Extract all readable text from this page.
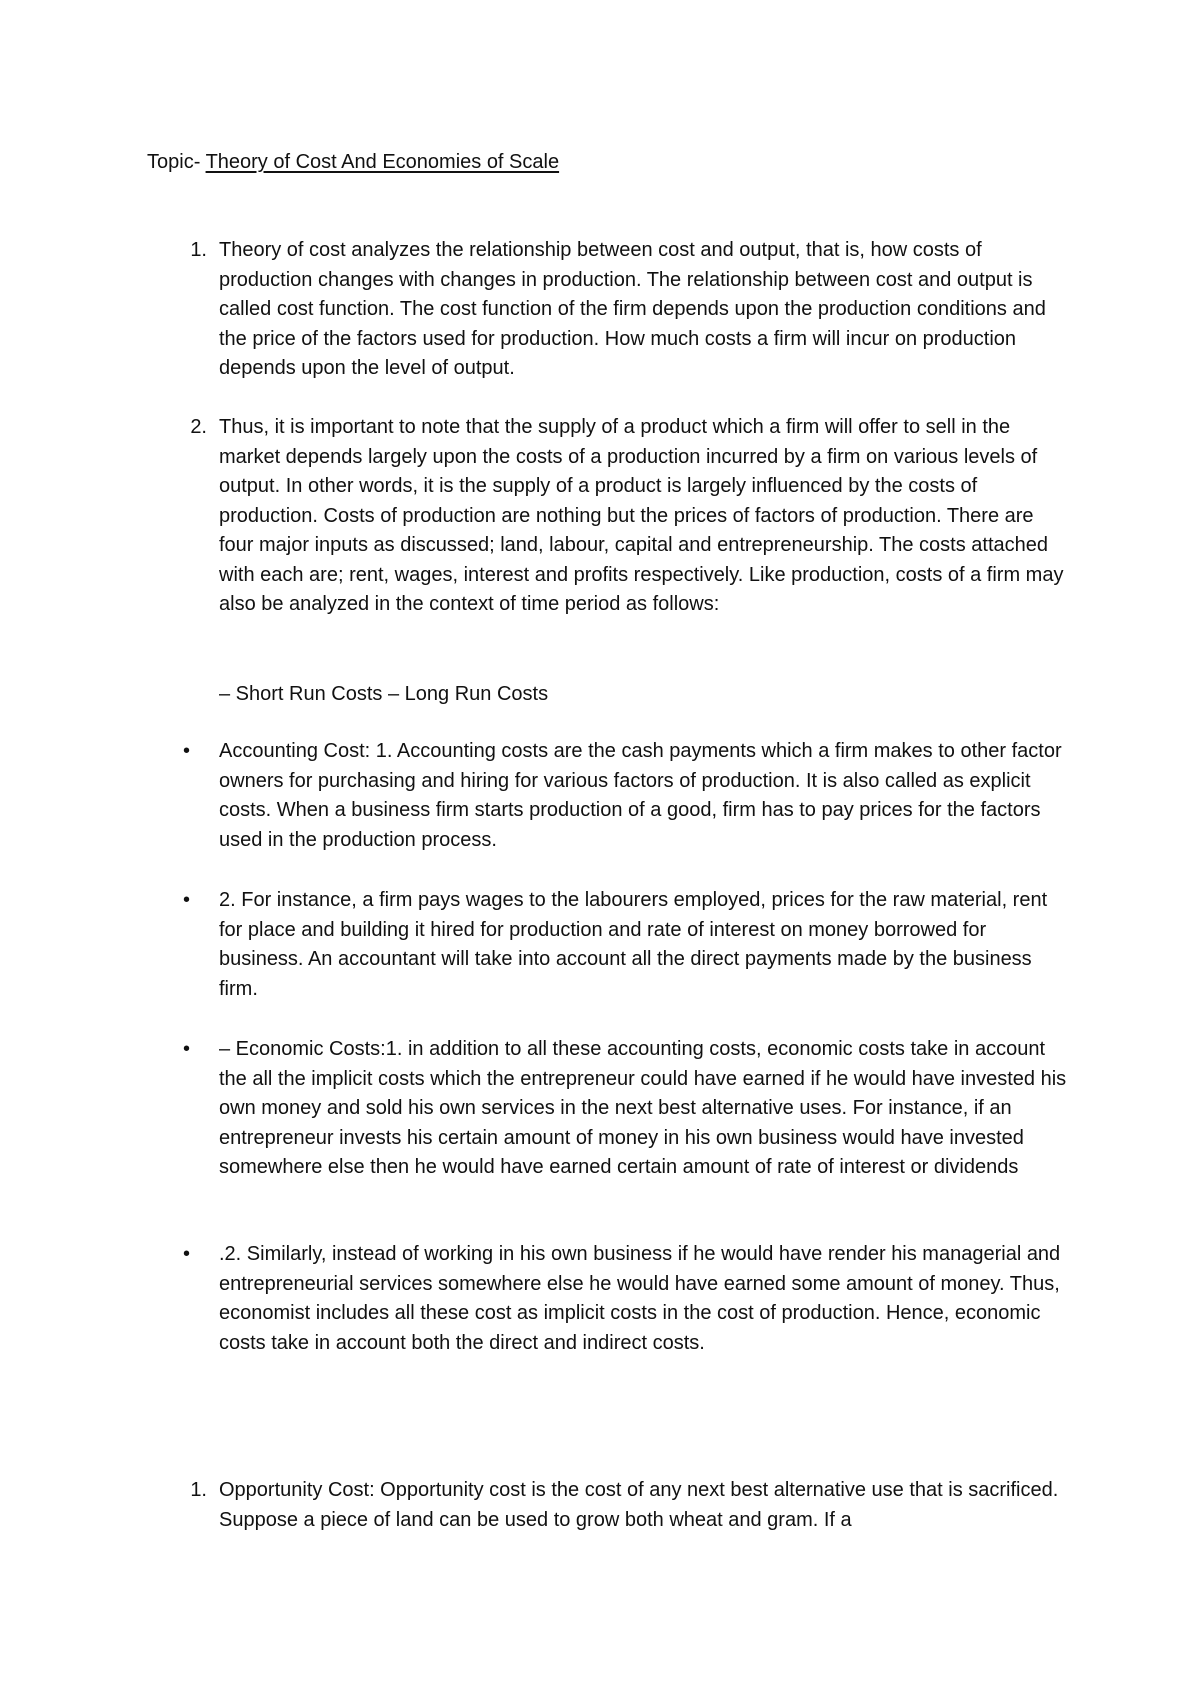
Topic- Theory of Cost And Economies of Scale
1. Theory of cost analyzes the relationship between cost and output, that is, how costs of production changes with changes in production. The relationship between cost and output is called cost function. The cost function of the firm depends upon the production conditions and the price of the factors used for production. How much costs a firm will incur on production depends upon the level of output.
2. Thus, it is important to note that the supply of a product which a firm will offer to sell in the market depends largely upon the costs of a production incurred by a firm on various levels of output. In other words, it is the supply of a product is largely influenced by the costs of production. Costs of production are nothing but the prices of factors of production. There are four major inputs as discussed; land, labour, capital and entrepreneurship. The costs attached with each are; rent, wages, interest and profits respectively. Like production, costs of a firm may also be analyzed in the context of time period as follows:
– Short Run Costs – Long Run Costs
•	Accounting Cost: 1. Accounting costs are the cash payments which a firm makes to other factor owners for purchasing and hiring for various factors of production. It is also called as explicit costs. When a business firm starts production of a good, firm has to pay prices for the factors used in the production process.
•	2. For instance, a firm pays wages to the labourers employed, prices for the raw material, rent for place and building it hired for production and rate of interest on money borrowed for business. An accountant will take into account all the direct payments made by the business firm.
•	– Economic Costs:1. in addition to all these accounting costs, economic costs take in account the all the implicit costs which the entrepreneur could have earned if he would have invested his own money and sold his own services in the next best alternative uses. For instance, if an entrepreneur invests his certain amount of money in his own business would have invested somewhere else then he would have earned certain amount of rate of interest or dividends
•	.2. Similarly, instead of working in his own business if he would have render his managerial and entrepreneurial services somewhere else he would have earned some amount of money. Thus, economist includes all these cost as implicit costs in the cost of production. Hence, economic costs take in account both the direct and indirect costs.
1. Opportunity Cost: Opportunity cost is the cost of any next best alternative use that is sacrificed. Suppose a piece of land can be used to grow both wheat and gram. If a
